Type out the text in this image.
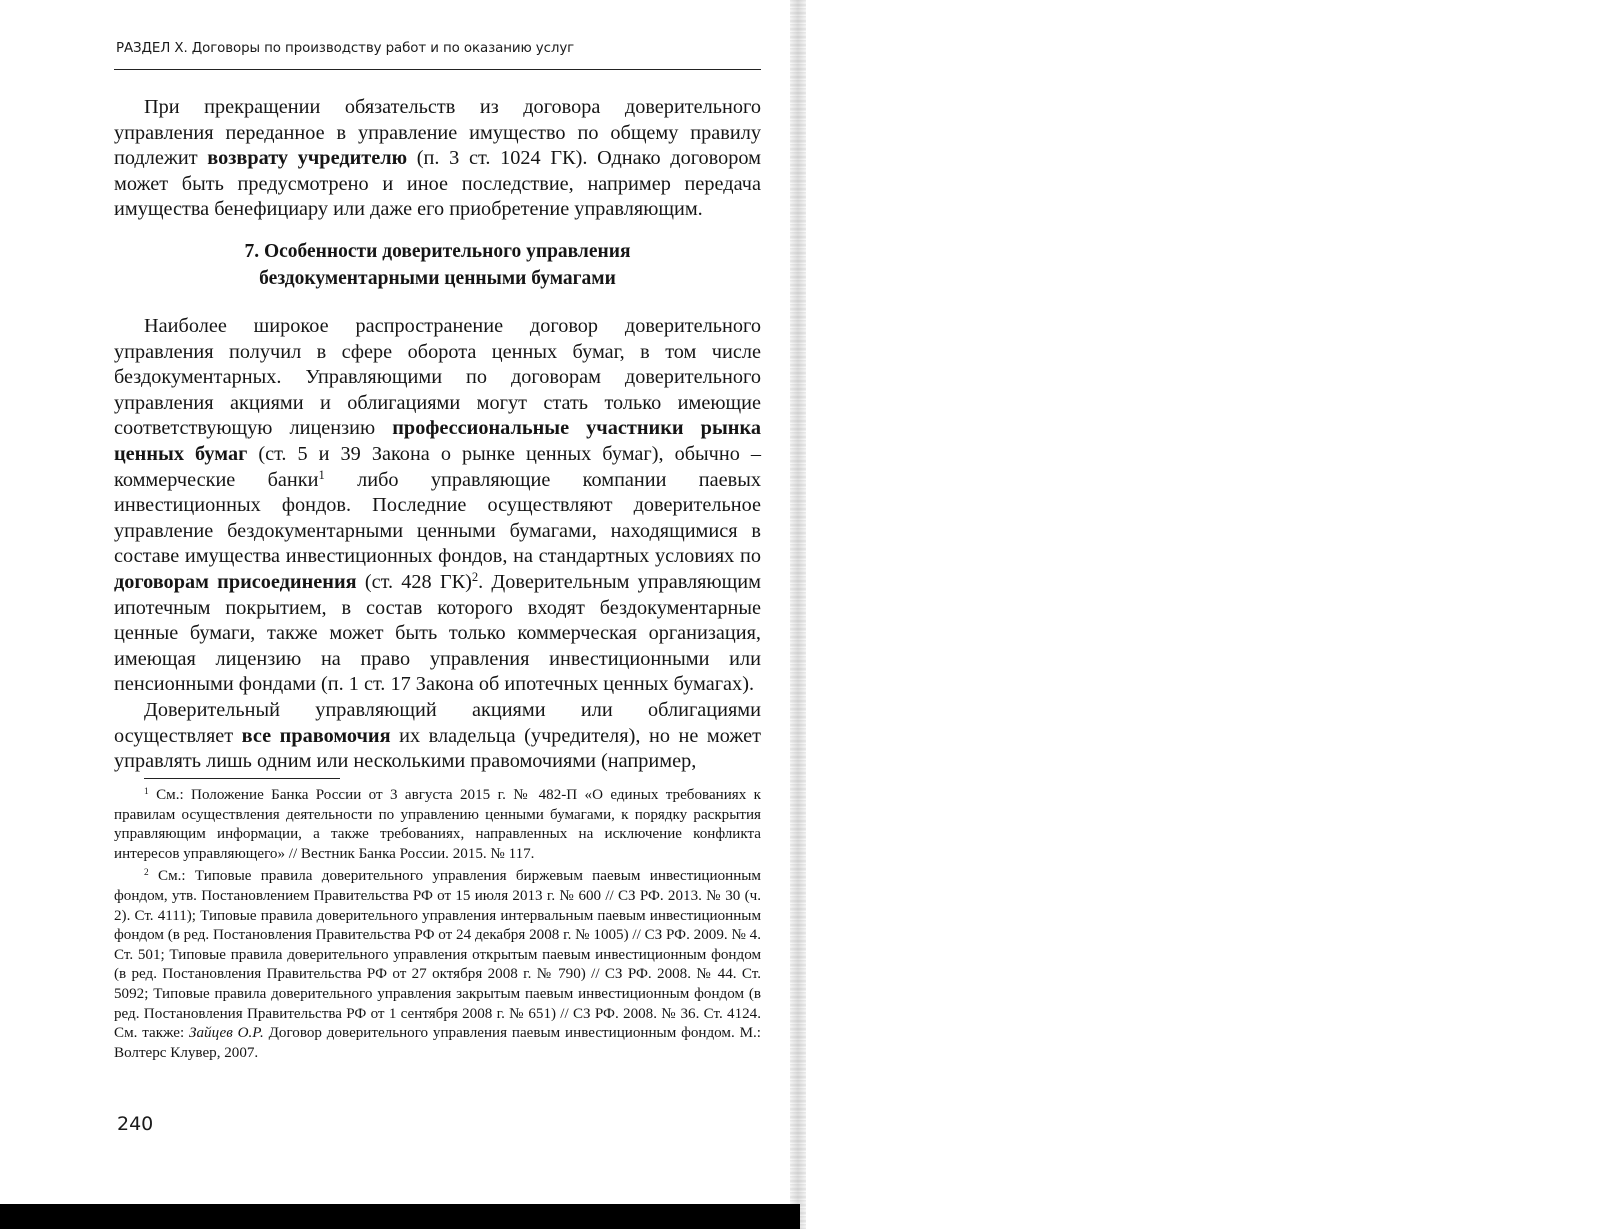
РАЗДЕЛ X. Договоры по производству работ и по оказанию услуг

При прекращении обязательств из договора доверительного управления переданное в управление имущество по общему правилу подлежит возврату учредителю (п. 3 ст. 1024 ГК). Однако договором может быть предусмотрено и иное последствие, например передача имущества бенефициару или даже его приобретение управляющим.

7. Особенности доверительного управления

бездокументарными ценными бумагами

Наиболее широкое распространение договор доверительного управления получил в сфере оборота ценных бумаг, в том числе бездокументарных. Управляющими по договорам доверительного управления акциями и облигациями могут стать только имеющие соответствующую лицензию профессиональные участники рынка ценных бумаг (ст. 5 и 39 Закона о рынке ценных бумаг), обычно – коммерческие банки$^1$ либо управляющие компании паевых инвестиционных фондов. Последние осуществляют доверительное управление бездокументарными ценными бумагами, находящимися в составе имущества инвестиционных фондов, на стандартных условиях по договорам присоединения (ст. 428 ГК)$^2$. Доверительным управляющим ипотечным покрытием, в состав которого входят бездокументарные ценные бумаги, также может быть только коммерческая организация, имеющая лицензию на право управления инвестиционными или пенсионными фондами (п. 1 ст. 17 Закона об ипотечных ценных бумагах).

Доверительный управляющий акциями или облигациями осуществляет все правомочия их владельца (учредителя), но не может управлять лишь одним или несколькими правомочиями (например,

$^1$ См.: Положение Банка России от 3 августа 2015 г. № 482-П «О единых требованиях к правилам осуществления деятельности по управлению ценными бумагами, к порядку раскрытия управляющим информации, а также требованиях, направленных на исключение конфликта интересов управляющего» // Вестник Банка России. 2015. № 117.

$^2$ См.: Типовые правила доверительного управления биржевым паевым инвестиционным фондом, утв. Постановлением Правительства РФ от 15 июля 2013 г. № 600 // СЗ РФ. 2013. № 30 (ч. 2). Ст. 4111); Типовые правила доверительного управления интервальным паевым инвестиционным фондом (в ред. Постановления Правительства РФ от 24 декабря 2008 г. № 1005) // СЗ РФ. 2009. № 4. Ст. 501; Типовые правила доверительного управления открытым паевым инвестиционным фондом (в ред. Постановления Правительства РФ от 27 октября 2008 г. № 790) // СЗ РФ. 2008. № 44. Ст. 5092; Типовые правила доверительного управления закрытым паевым инвестиционным фондом (в ред. Постановления Правительства РФ от 1 сентября 2008 г. № 651) // СЗ РФ. 2008. № 36. Ст. 4124. См. также: Зайцев О.Р. Договор доверительного управления паевым инвестиционным фондом. М.: Волтерс Клувер, 2007.

240
